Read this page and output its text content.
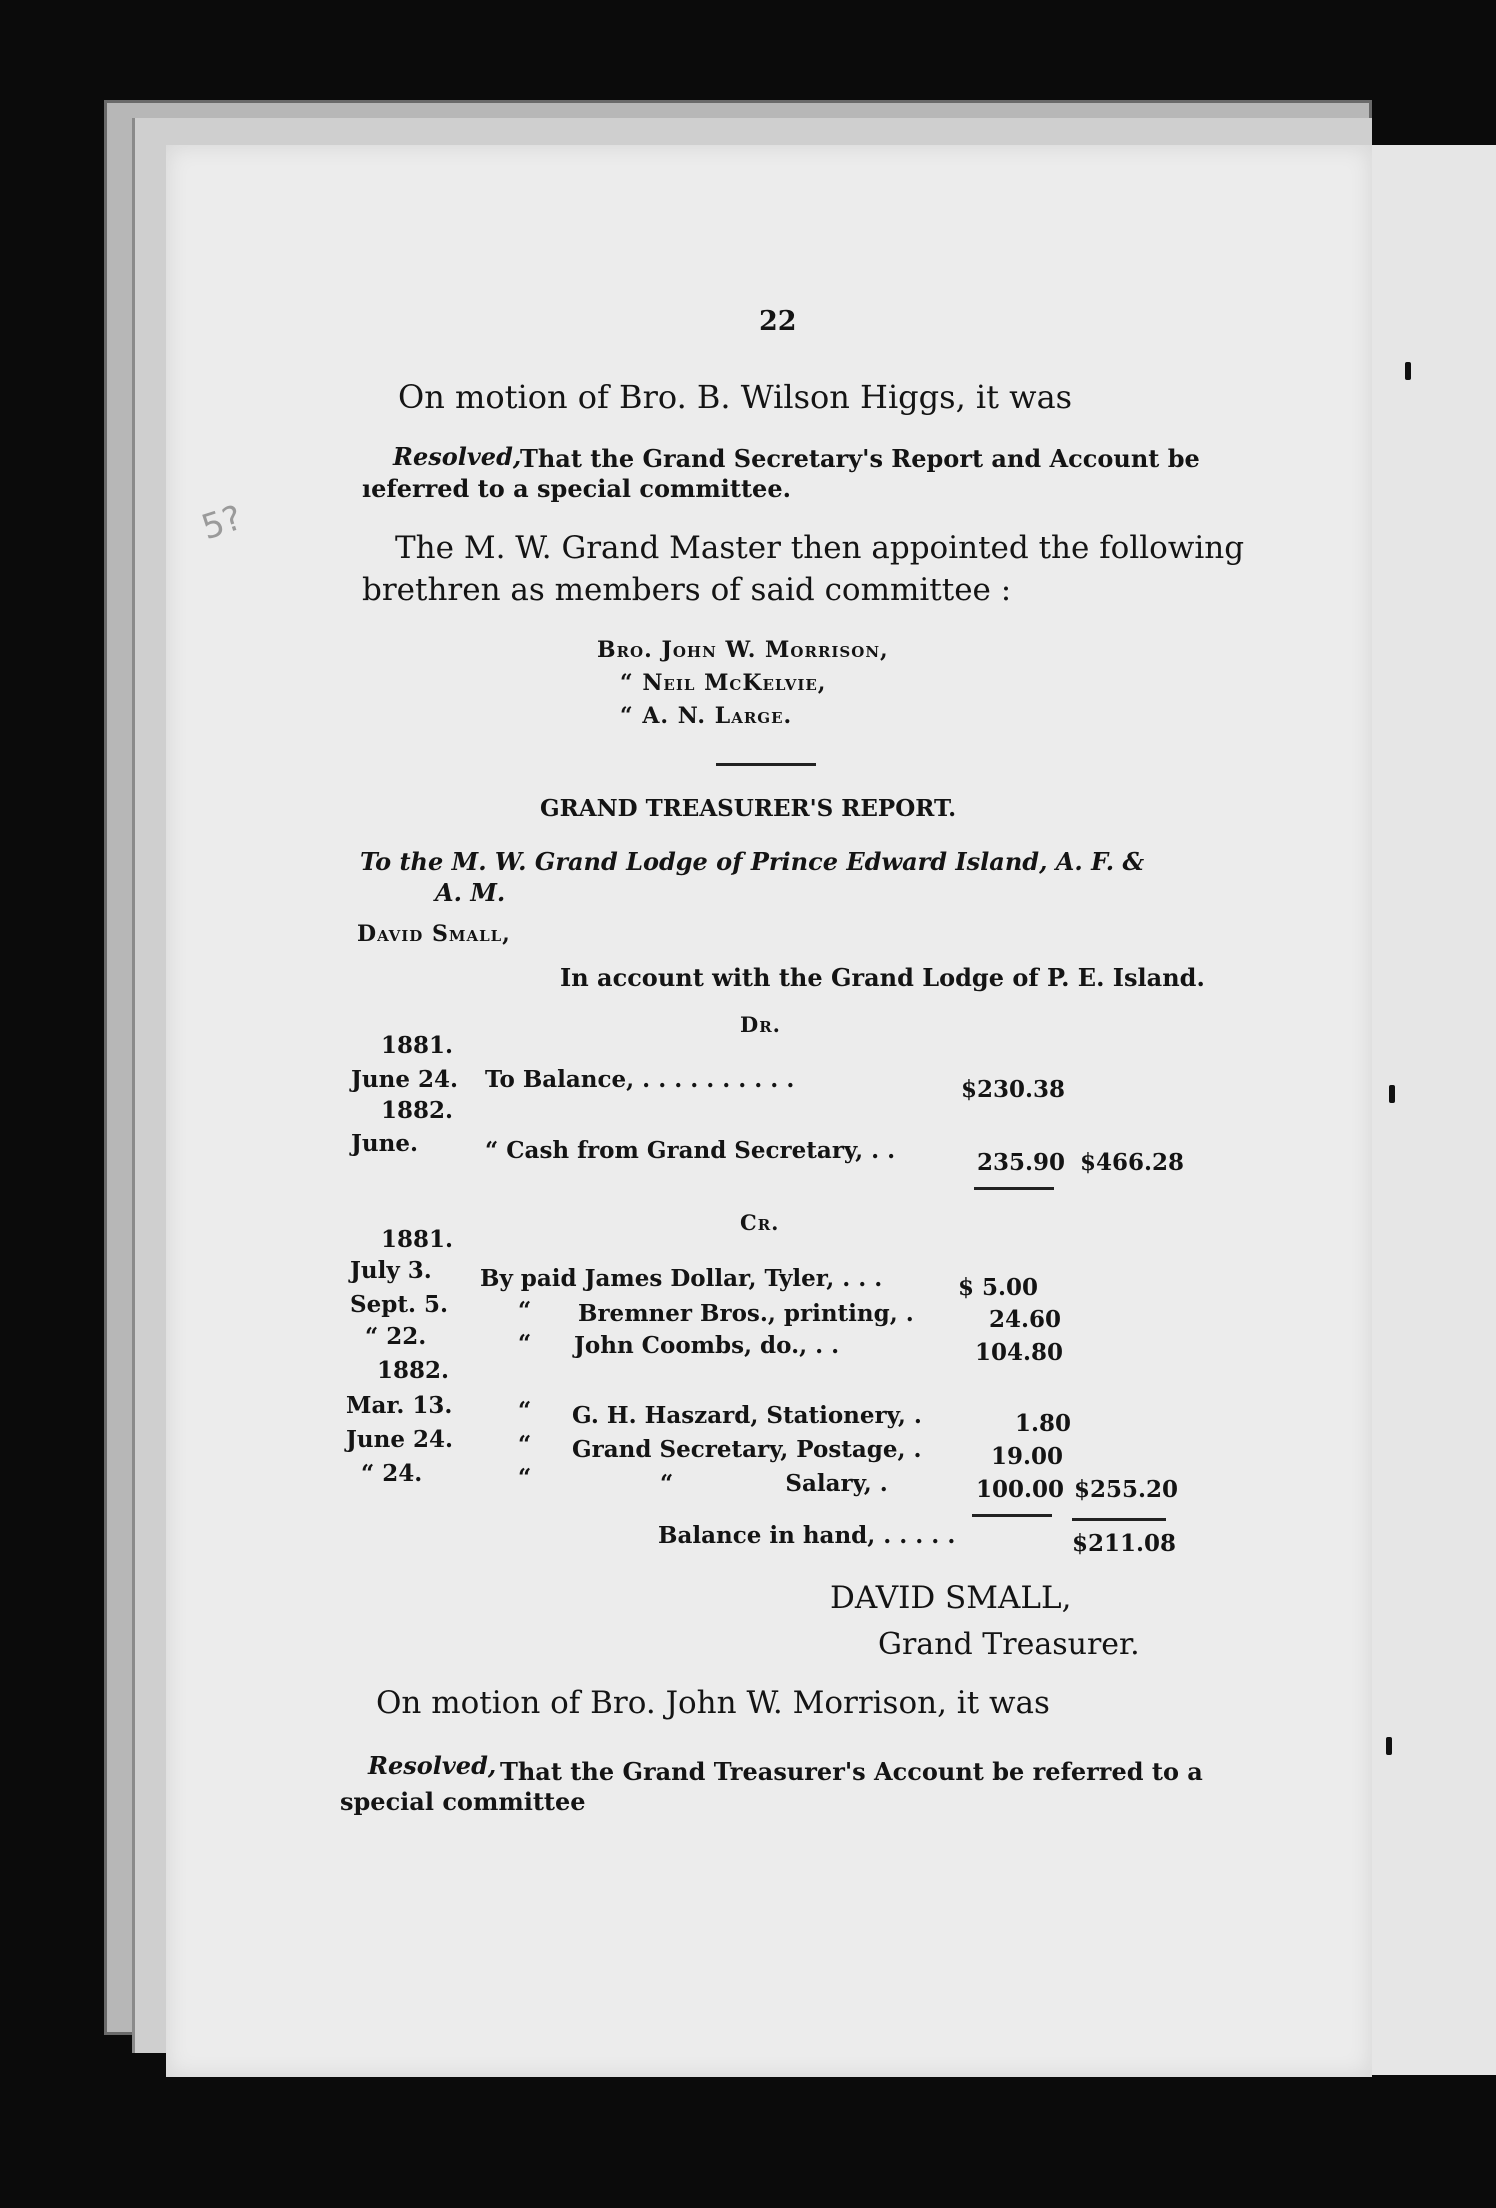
5?
22
On motion of Bro. B. Wilson Higgs, it was
Resolved,
That the Grand Secretary's Report and Account be
ıeferred to a special committee.
The M. W. Grand Master then appointed the following
brethren as members of said committee :
Bro. John W. Morrison,
“ Neil McKelvie,
“ A. N. Large.
GRAND TREASURER'S REPORT.
To the M. W. Grand Lodge of Prince Edward Island, A. F. &
A. M.
David Small,
In account with the Grand Lodge of P. E. Island.
Dr.
1881.
June 24. To Balance, . . . . . . . . . .	$230.38
1882.
June.	“ Cash from Grand Secretary, . .	235.90 $466.28
Cr.
1881.
July 3. By paid James Dollar, Tyler, . . .	$ 5.00
Sept. 5.	“ Bremner Bros., printing, .	24.60
“ 22.	“ John Coombs, do., . .	104.80
1882.
Mar. 13.	“ G. H. Haszard, Stationery, .	1.80
June 24.	“ Grand Secretary, Postage, .	19.00
“ 24.	“	“              Salary, .	100.00 $255.20
Balance in hand, . . . . .	$211.08
DAVID SMALL,
Grand Treasurer.
On motion of Bro. John W. Morrison, it was
Resolved, That the Grand Treasurer's Account be referred to a
special committee
